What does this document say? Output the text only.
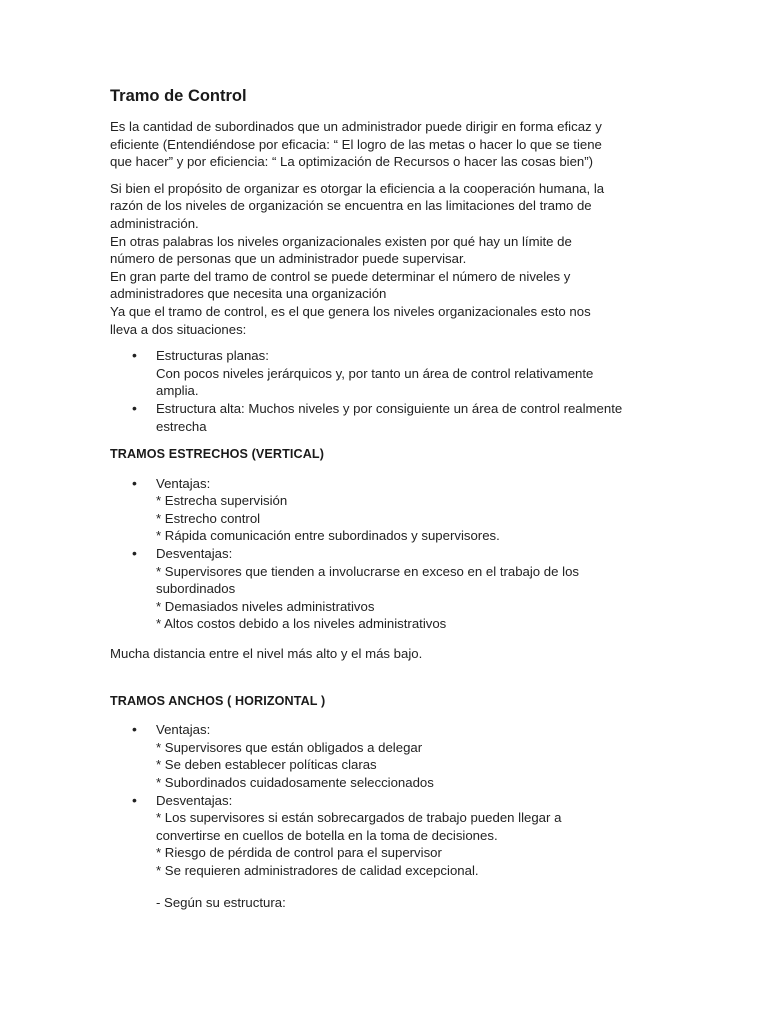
Tramo de Control
Es la cantidad de subordinados que un administrador puede dirigir en forma eficaz y
eficiente (Entendiéndose por eficacia: “ El logro de las metas o hacer lo que se tiene
que hacer” y por eficiencia: “ La optimización de Recursos o hacer las cosas bien”)
Si bien el propósito de organizar es otorgar la eficiencia a la cooperación humana, la
razón de los niveles de organización se encuentra en las limitaciones del tramo de
administración.
En otras palabras los niveles organizacionales existen por qué hay un límite de
número de personas que un administrador puede supervisar.
En gran parte del tramo de control se puede determinar el número de niveles y
administradores que necesita una organización
Ya que el tramo de control, es el que genera los niveles organizacionales esto nos
lleva a dos situaciones:
• Estructuras planas:
Con pocos niveles jerárquicos y, por tanto un área de control relativamente
amplia.
• Estructura alta: Muchos niveles y por consiguiente un área de control realmente
estrecha
TRAMOS ESTRECHOS (VERTICAL)
• Ventajas:
* Estrecha supervisión
* Estrecho control
* Rápida comunicación entre subordinados y supervisores.
• Desventajas:
* Supervisores que tienden a involucrarse en exceso en el trabajo de los
subordinados
* Demasiados niveles administrativos
* Altos costos debido a los niveles administrativos

Mucha distancia entre el nivel más alto y el más bajo.

TRAMOS ANCHOS ( HORIZONTAL )
• Ventajas:
* Supervisores que están obligados a delegar
* Se deben establecer políticas claras
* Subordinados cuidadosamente seleccionados
• Desventajas:
* Los supervisores si están sobrecargados de trabajo pueden llegar a
convertirse en cuellos de botella en la toma de decisiones.
* Riesgo de pérdida de control para el supervisor
* Se requieren administradores de calidad excepcional.

- Según su estructura:
